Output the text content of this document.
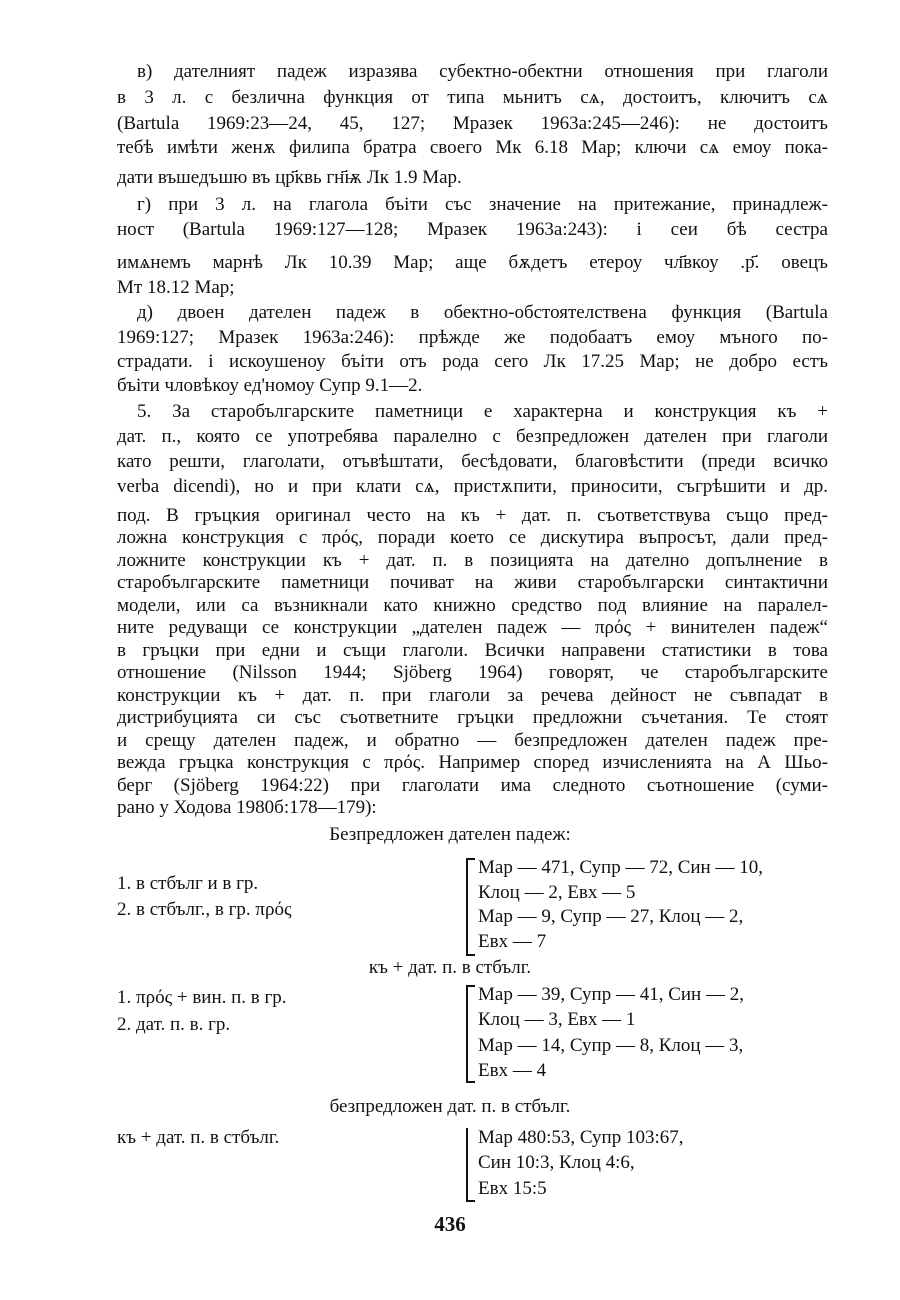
в) дателният падеж изразява субектно-обектни отношения при глаголи
в 3 л. с безлична функция от типа мьнитъ сѧ, достоитъ, ключитъ сѧ
(Bartula 1969:23—24, 45, 127; Мразек 1963а:245—246): не достоитъ
тебѣ имѣти женѫ филипа братра своего Мк 6.18 Мар; ключи сѧ емоу пока-
дати въшедъшю въ цр҃квь гн҃ѭ Лк 1.9 Мар.
г) при 3 л. на глагола бъіти със значение на притежание, принадлеж-
ност (Bartula 1969:127—128; Мразек 1963а:243): і сеи бѣ сестра
имѧнемъ марнѣ Лк 10.39 Мар; аще бѫдетъ етероу чл҃вкоу .р҃. овецъ
Мт 18.12 Мар;
д) двоен дателен падеж в обектно-обстоятелствена функция (Bartula
1969:127; Мразек 1963а:246): прѣжде же подобаатъ емоу мъного по-
страдати. і искоушеноу бъіти отъ рода сего Лк 17.25 Мар; не добро естъ
бъіти чловѣкоу ед'номоу Супр 9.1—2.
5. За старобългарските паметници е характерна и конструкция къ +
дат. п., която се употребява паралелно с безпредложен дателен при глаголи
като решти, глаголати, отъвѣштати, бесѣдовати, благовѣстити (преди всичко
verba dicendi), но и при клати сѧ, пристѫпити, приносити, съгрѣшити и др.
под. В гръцкия оригинал често на къ + дат. п. съответствува също пред-
ложна конструкция с πρός, поради което се дискутира въпросът, дали пред-
ложните конструкции къ + дат. п. в позицията на дателно допълнение в
старобългарските паметници почиват на живи старобългарски синтактични
модели, или са възникнали като книжно средство под влияние на паралел-
ните редуващи се конструкции „дателен падеж — πρός + винителен падеж“
в гръцки при едни и същи глаголи. Всички направени статистики в това
отношение (Nilsson 1944; Sjöberg 1964) говорят, че старобългарските
конструкции къ + дат. п. при глаголи за речева дейност не съвпадат в
дистрибуцията си със съответните гръцки предложни съчетания. Те стоят
и срещу дателен падеж, и обратно — безпредложен дателен падеж пре-
вежда гръцка конструкция с πρός. Например според изчисленията на А Шьо-
берг (Sjöberg 1964:22) при глаголати има следното съотношение (суми-
рано у Ходова 1980б:178—179):
Безпредложен дателен падеж:
1. в стбълг и в гр.
2. в стбълг., в гр. πρός
Мар — 471, Супр — 72, Син — 10,
Клоц — 2, Евх — 5
Мар — 9, Супр — 27, Клоц — 2,
Евх — 7
къ + дат. п. в стбълг.
1. πρός + вин. п. в гр.
2. дат. п. в. гр.
Мар — 39, Супр — 41, Син — 2,
Клоц — 3, Евх — 1
Мар — 14, Супр — 8, Клоц — 3,
Евх — 4
безпредложен дат. п. в стбълг.
къ + дат. п. в стбълг.	Мар 480:53, Супр 103:67,
Син 10:3, Клоц 4:6,
Евх 15:5
436
